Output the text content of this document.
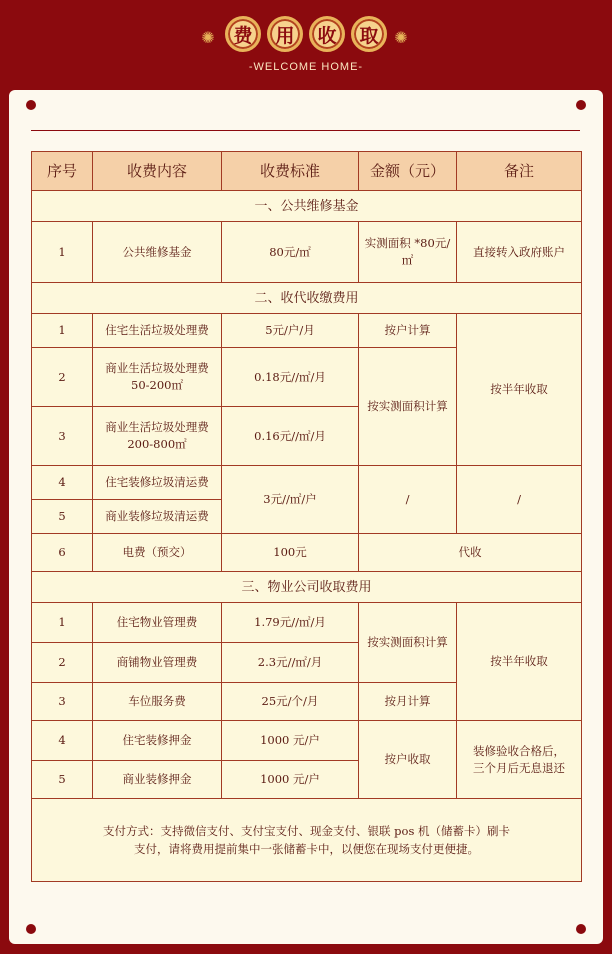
✺ 费	用	收	取 ✺
-WELCOME HOME-
序号	收费内容	收费标准	金额（元）	备注
一、公共维修基金				
1	公共维修基金	80元/㎡	实测面积 *80元/㎡	直接转入政府账户
二、收代收缴费用				
1	住宅生活垃圾处理费	5元/户/月	按户计算	按半年收取
2	商业生活垃圾处理费 50-200㎡	0.18元//㎡/月	按实测面积计算	
3	商业生活垃圾处理费 200-800㎡	0.16元//㎡/月		
4	住宅装修垃圾清运费	3元//㎡/户	/	/
5	商业装修垃圾清运费			
6	电费（预交）	100元	代收	
三、物业公司收取费用				
1	住宅物业管理费	1.79元//㎡/月	按实测面积计算	按半年收取
2	商铺物业管理费	2.3元//㎡/月		
3	车位服务费	25元/个/月	按月计算	
4	住宅装修押金	1000 元/户	按户收取	装修验收合格后，三个月后无息退还
5	商业装修押金	1000 元/户		

支付方式：支持微信支付、支付宝支付、现金支付、银联 pos 机（储蓄卡）刷卡
支付，请将费用提前集中一张储蓄卡中，以便您在现场支付更便捷。				
